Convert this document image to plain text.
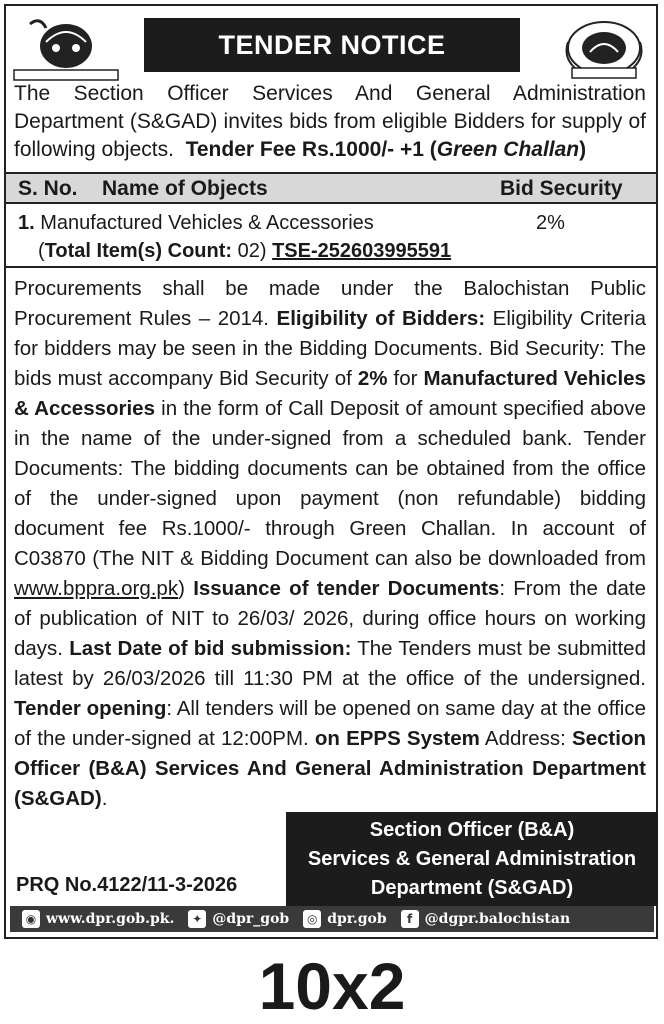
TENDER NOTICE
The Section Officer Services And General Administration Department (S&GAD) invites bids from eligible Bidders for supply of following objects. Tender Fee Rs.1000/- +1 (Green Challan)
S. No. Name of Objects	Bid Security
1. Manufactured Vehicles & Accessories	2%
(Total Item(s) Count: 02) TSE-252603995591
Procurements shall be made under the Balochistan Public Procurement Rules – 2014. Eligibility of Bidders: Eligibility Criteria for bidders may be seen in the Bidding Documents. Bid Security: The bids must accompany Bid Security of 2% for Manufactured Vehicles & Accessories in the form of Call Deposit of amount specified above in the name of the under-signed from a scheduled bank. Tender Documents: The bidding documents can be obtained from the office of the under-signed upon payment (non refundable) bidding document fee Rs.1000/- through Green Challan. In account of C03870 (The NIT & Bidding Document can also be downloaded from www.bppra.org.pk) Issuance of tender Documents: From the date of publication of NIT to 26/03/ 2026, during office hours on working days. Last Date of bid submission: The Tenders must be submitted latest by 26/03/2026 till 11:30 PM at the office of the undersigned. Tender opening: All tenders will be opened on same day at the office of the under-signed at 12:00PM. on EPPS System Address: Section Officer (B&A) Services And General Administration Department (S&GAD).
Section Officer (B&A)
Services & General Administration
Department (S&GAD)
PRQ No.4122/11-3-2026
◉ www.dpr.gob.pk.	✦ @dpr_gob	◎ dpr.gob	f @dgpr.balochistan
10x2
